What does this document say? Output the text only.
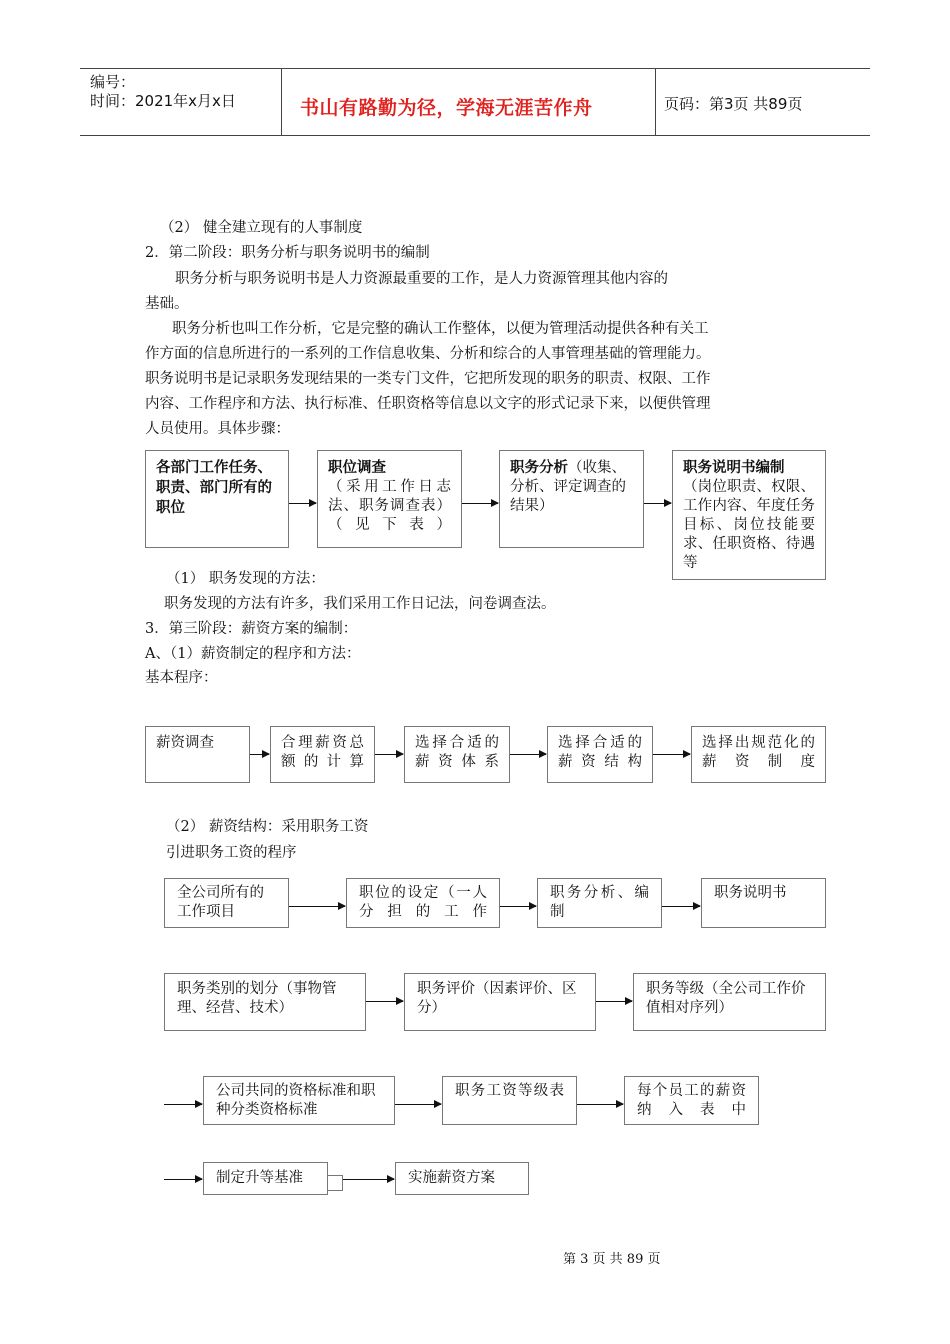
编号：
时间：2021年x月x日	书山有路勤为径，学海无涯苦作舟	页码：第3页 共89页
（2） 健全建立现有的人事制度
2．第二阶段：职务分析与职务说明书的编制
职务分析与职务说明书是人力资源最重要的工作，是人力资源管理其他内容的
基础。
职务分析也叫工作分析，它是完整的确认工作整体，以便为管理活动提供各种有关工
作方面的信息所进行的一系列的工作信息收集、分析和综合的人事管理基础的管理能力。
职务说明书是记录职务发现结果的一类专门文件，它把所发现的职务的职责、权限、工作
内容、工作程序和方法、执行标准、任职资格等信息以文字的形式记录下来，以便供管理
人员使用。具体步骤：
各部门工作任务、职责、部门所有的职位
职位调查
（采用工作日志法、职务调查表）（见下表）
职务分析（收集、分析、评定调查的结果）
职务说明书编制
（岗位职责、权限、工作内容、年度任务目标、岗位技能要求、任职资格、待遇等
（1） 职务发现的方法：
职务发现的方法有许多，我们采用工作日记法，问卷调查法。
3．第三阶段：薪资方案的编制：
A、（1）薪资制定的程序和方法：
基本程序：
薪资调查	合理薪资总额的计算
选择合适的薪资体系
选择合适的薪资结构
选择出规范化的薪资制度
（2） 薪资结构：采用职务工资
引进职务工资的程序
全公司所有的工作项目
职位的设定（一人分担的工作
职务分析、编制
职务说明书
职务类别的划分（事物管理、经营、技术）
职务评价（因素评价、区分）
职务等级（全公司工作价值相对序列）
公司共同的资格标准和职种分类资格标准
职务工资等级表	每个员工的薪资纳入表中
制定升等基准	实施薪资方案
第 3 页 共 89 页
